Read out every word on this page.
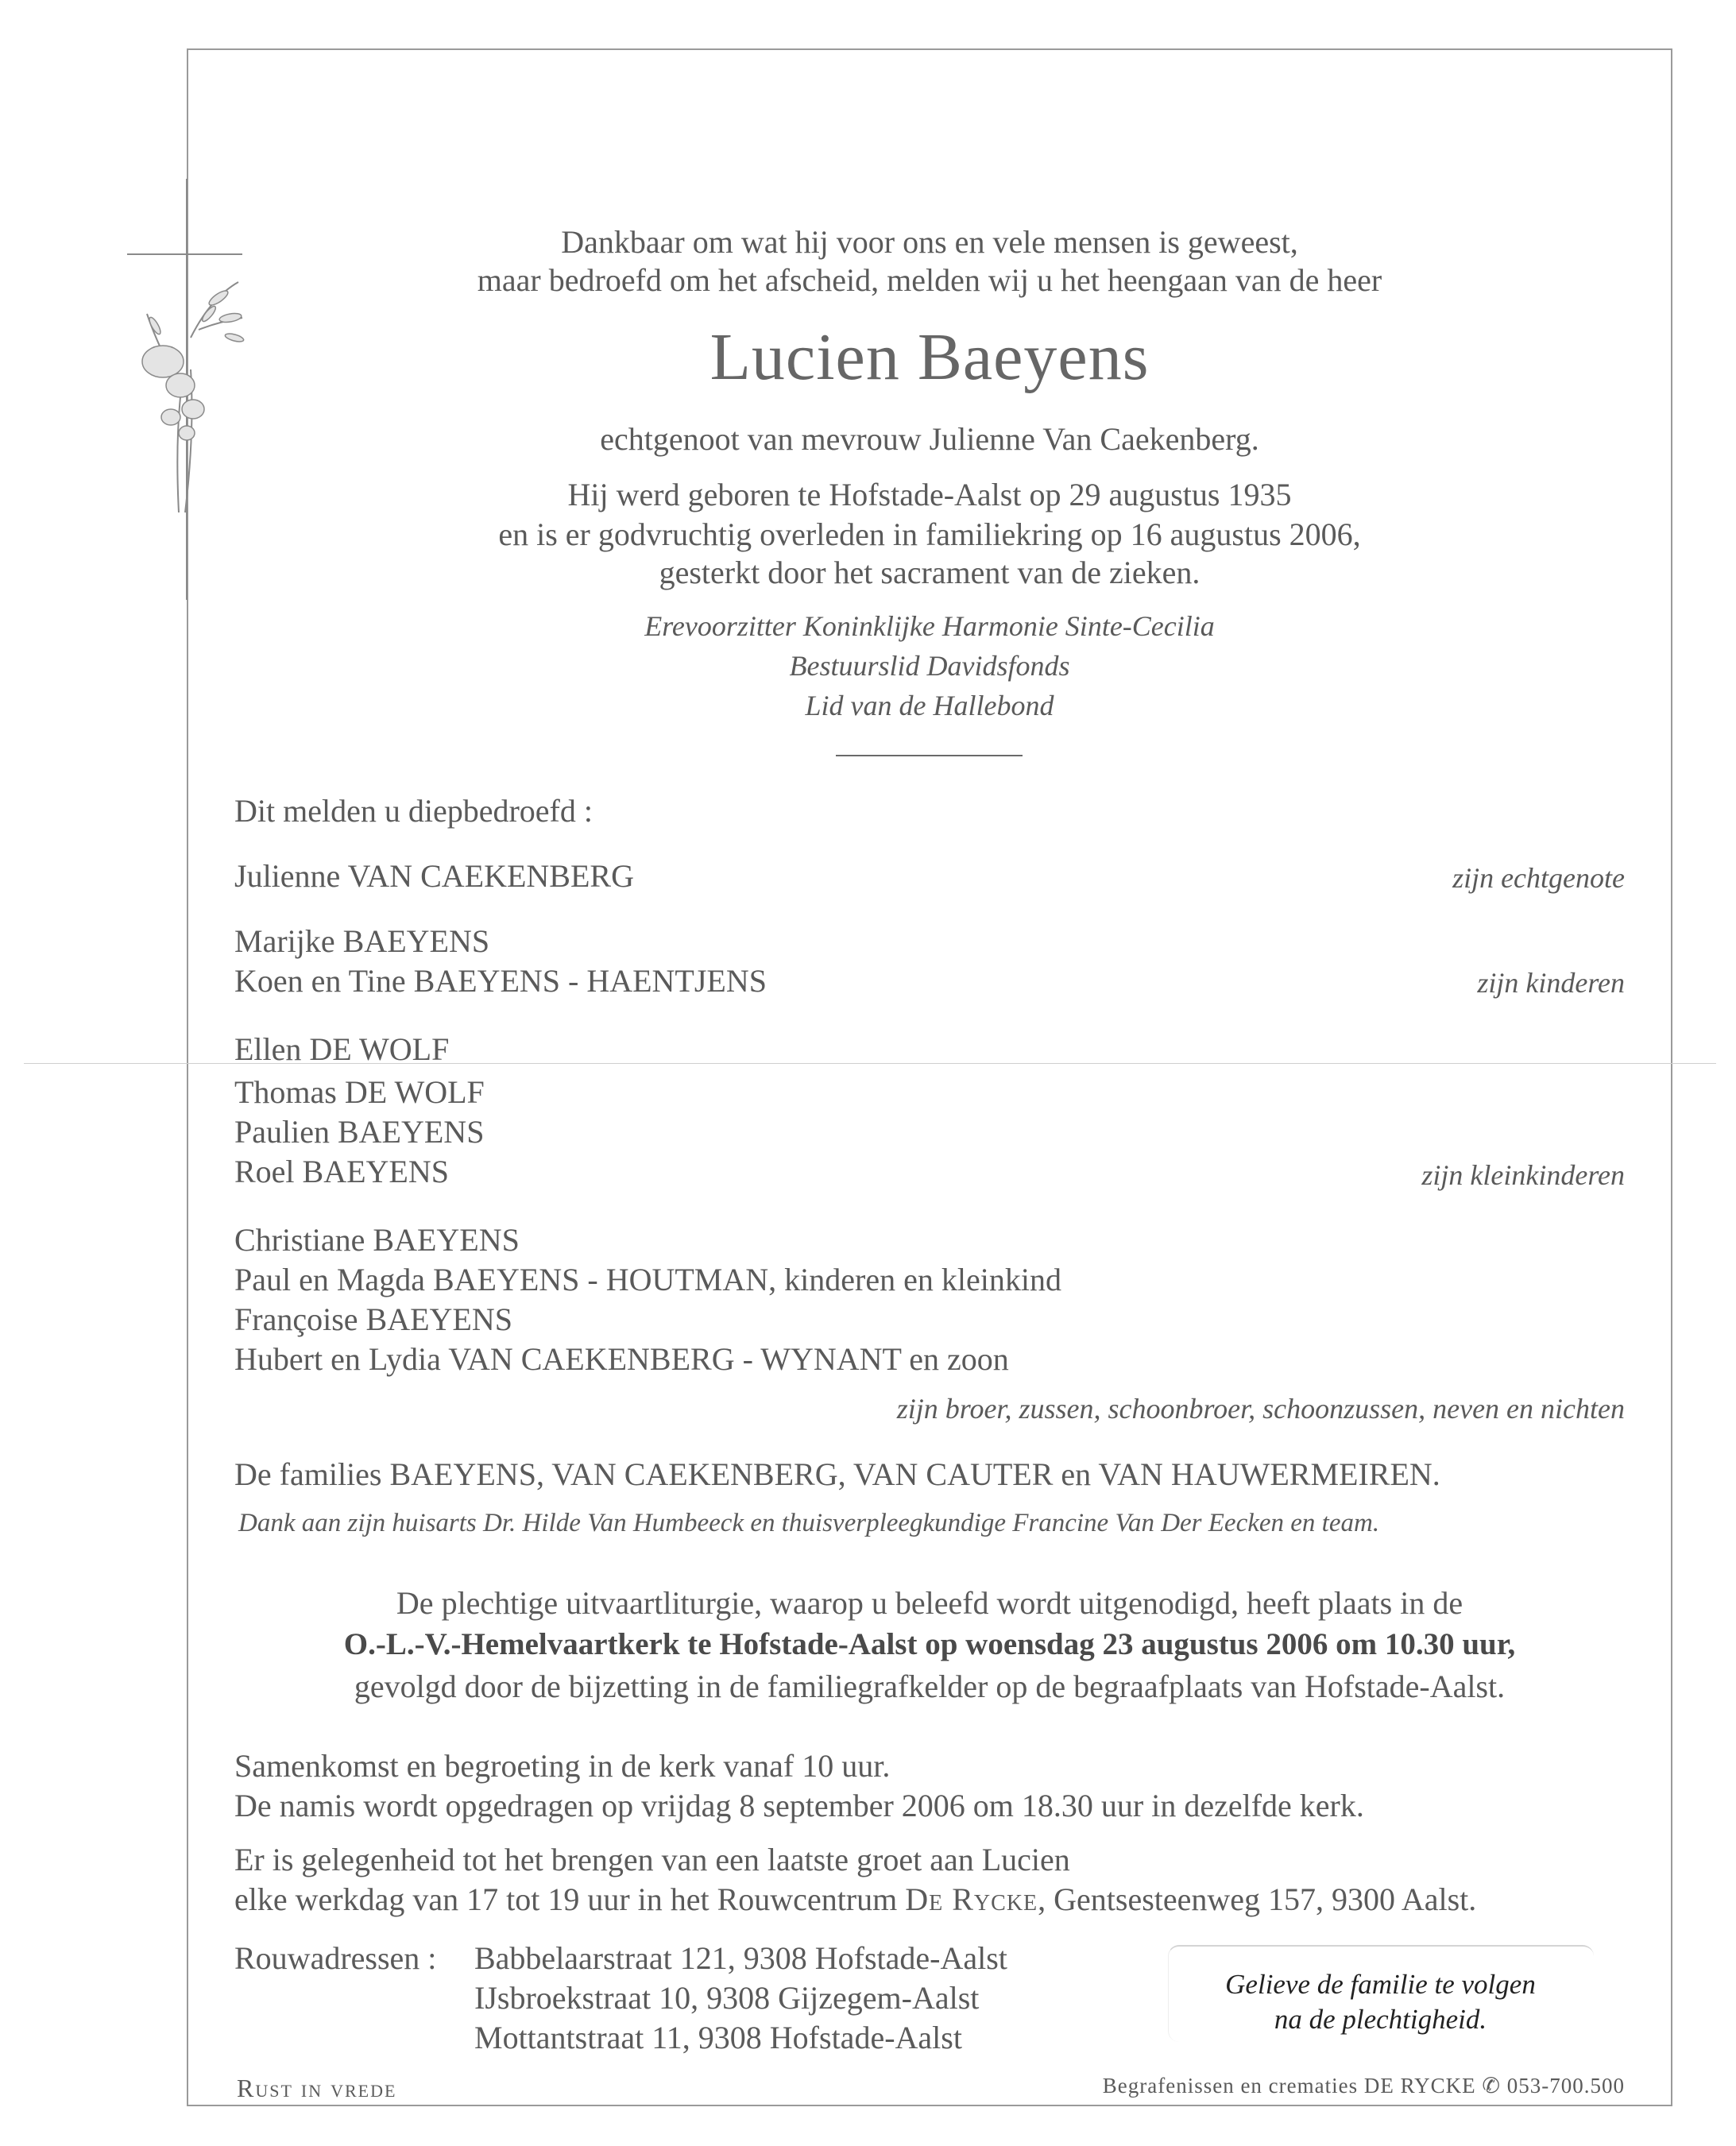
Dankbaar om wat hij voor ons en vele mensen is geweest,
maar bedroefd om het afscheid, melden wij u het heengaan van de heer
Lucien Baeyens
echtgenoot van mevrouw Julienne Van Caekenberg.
Hij werd geboren te Hofstade-Aalst op 29 augustus 1935
en is er godvruchtig overleden in familiekring op 16 augustus 2006,
gesterkt door het sacrament van de zieken.
Erevoorzitter Koninklijke Harmonie Sinte-Cecilia
Bestuurslid Davidsfonds
Lid van de Hallebond
Dit melden u diepbedroefd :
Julienne VAN CAEKENBERG	zijn echtgenote
Marijke BAEYENS
Koen en Tine BAEYENS - HAENTJENS	zijn kinderen
Ellen DE WOLF
Thomas DE WOLF
Paulien BAEYENS
Roel BAEYENS	zijn kleinkinderen
Christiane BAEYENS
Paul en Magda BAEYENS - HOUTMAN, kinderen en kleinkind
Françoise BAEYENS
Hubert en Lydia VAN CAEKENBERG - WYNANT en zoon
zijn broer, zussen, schoonbroer, schoonzussen, neven en nichten
De families BAEYENS, VAN CAEKENBERG, VAN CAUTER en VAN HAUWERMEIREN.
Dank aan zijn huisarts Dr. Hilde Van Humbeeck en thuisverpleegkundige Francine Van Der Eecken en team.
De plechtige uitvaartliturgie, waarop u beleefd wordt uitgenodigd, heeft plaats in de
O.-L.-V.-Hemelvaartkerk te Hofstade-Aalst op woensdag 23 augustus 2006 om 10.30 uur,
gevolgd door de bijzetting in de familiegrafkelder op de begraafplaats van Hofstade-Aalst.
Samenkomst en begroeting in de kerk vanaf 10 uur.
De namis wordt opgedragen op vrijdag 8 september 2006 om 18.30 uur in dezelfde kerk.
Er is gelegenheid tot het brengen van een laatste groet aan Lucien
elke werkdag van 17 tot 19 uur in het Rouwcentrum De Rycke, Gentsesteenweg 157, 9300 Aalst.
Rouwadressen : Babbelaarstraat 121, 9308 Hofstade-Aalst
IJsbroekstraat 10, 9308 Gijzegem-Aalst
Mottantstraat 11, 9308 Hofstade-Aalst
Gelieve de familie te volgen
na de plechtigheid.
Rust in vrede	Begrafenissen en crematies DE RYCKE ✆ 053-700.500
